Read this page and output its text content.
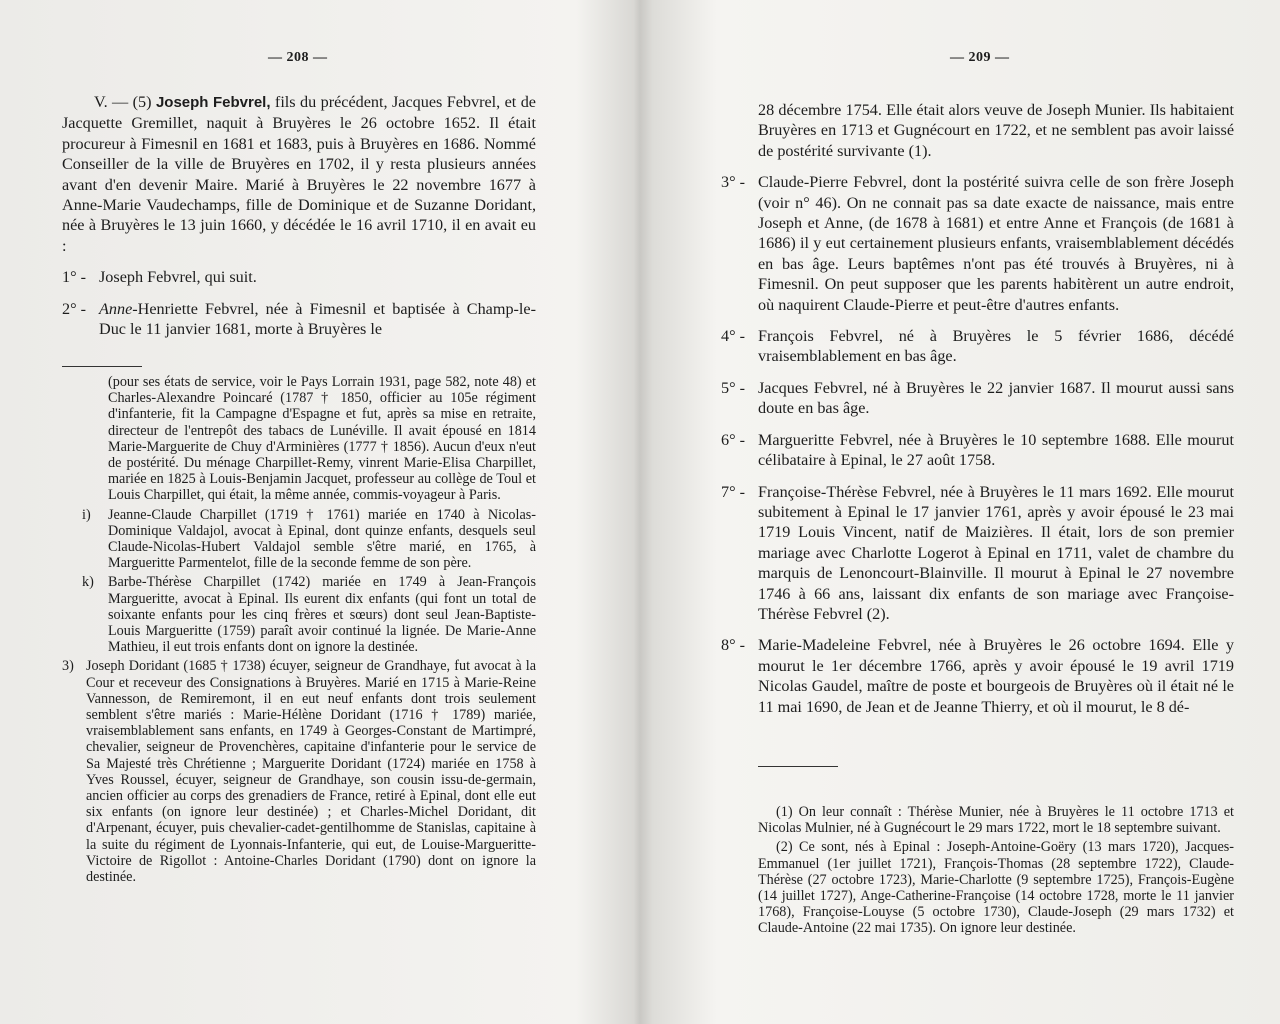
— 208 —

V. — (5) Joseph Febvrel, fils du précédent, Jacques Febvrel, et de Jacquette Gremillet, naquit à Bruyères le 26 octobre 1652. Il était procureur à Fimesnil en 1681 et 1683, puis à Bruyères en 1686. Nommé Conseiller de la ville de Bruyères en 1702, il y resta plusieurs années avant d'en devenir Maire. Marié à Bruyères le 22 novembre 1677 à Anne-Marie Vaudechamps, fille de Dominique et de Suzanne Doridant, née à Bruyères le 13 juin 1660, y décédée le 16 avril 1710, il en avait eu :

1° - Joseph Febvrel, qui suit.

2° - Anne-Henriette Febvrel, née à Fimesnil et baptisée à Champ-le-Duc le 11 janvier 1681, morte à Bruyères le

(pour ses états de service, voir le Pays Lorrain 1931, page 582, note 48) et Charles-Alexandre Poincaré (1787 † 1850, officier au 105e régiment d'infanterie, fit la Campagne d'Espagne et fut, après sa mise en retraite, directeur de l'entrepôt des tabacs de Lunéville. Il avait épousé en 1814 Marie-Marguerite de Chuy d'Arminières (1777 † 1856). Aucun d'eux n'eut de postérité. Du ménage Charpillet-Remy, vinrent Marie-Elisa Charpillet, mariée en 1825 à Louis-Benjamin Jacquet, professeur au collège de Toul et Louis Charpillet, qui était, la même année, commis-voyageur à Paris.

i) Jeanne-Claude Charpillet (1719 † 1761) mariée en 1740 à Nicolas-Dominique Valdajol, avocat à Epinal, dont quinze enfants, desquels seul Claude-Nicolas-Hubert Valdajol semble s'être marié, en 1765, à Margueritte Parmentelot, fille de la seconde femme de son père.

k) Barbe-Thérèse Charpillet (1742) mariée en 1749 à Jean-François Margueritte, avocat à Epinal. Ils eurent dix enfants (qui font un total de soixante enfants pour les cinq frères et sœurs) dont seul Jean-Baptiste-Louis Margueritte (1759) paraît avoir continué la lignée. De Marie-Anne Mathieu, il eut trois enfants dont on ignore la destinée.

3) Joseph Doridant (1685 † 1738) écuyer, seigneur de Grandhaye, fut avocat à la Cour et receveur des Consignations à Bruyères. Marié en 1715 à Marie-Reine Vannesson, de Remiremont, il en eut neuf enfants dont trois seulement semblent s'être mariés : Marie-Hélène Doridant (1716 † 1789) mariée, vraisemblablement sans enfants, en 1749 à Georges-Constant de Martimpré, chevalier, seigneur de Provenchères, capitaine d'infanterie pour le service de Sa Majesté très Chrétienne ; Marguerite Doridant (1724) mariée en 1758 à Yves Roussel, écuyer, seigneur de Grandhaye, son cousin issu-de-germain, ancien officier au corps des grenadiers de France, retiré à Epinal, dont elle eut six enfants (on ignore leur destinée) ; et Charles-Michel Doridant, dit d'Arpenant, écuyer, puis chevalier-cadet-gentilhomme de Stanislas, capitaine à la suite du régiment de Lyonnais-Infanterie, qui eut, de Louise-Margueritte-Victoire de Rigollot : Antoine-Charles Doridant (1790) dont on ignore la destinée.

— 209 —

28 décembre 1754. Elle était alors veuve de Joseph Munier. Ils habitaient Bruyères en 1713 et Gugnécourt en 1722, et ne semblent pas avoir laissé de postérité survivante (1).

3° - Claude-Pierre Febvrel, dont la postérité suivra celle de son frère Joseph (voir n° 46). On ne connait pas sa date exacte de naissance, mais entre Joseph et Anne, (de 1678 à 1681) et entre Anne et François (de 1681 à 1686) il y eut certainement plusieurs enfants, vraisemblablement décédés en bas âge. Leurs baptêmes n'ont pas été trouvés à Bruyères, ni à Fimesnil. On peut supposer que les parents habitèrent un autre endroit, où naquirent Claude-Pierre et peut-être d'autres enfants.

4° - François Febvrel, né à Bruyères le 5 février 1686, décédé vraisemblablement en bas âge.

5° - Jacques Febvrel, né à Bruyères le 22 janvier 1687. Il mourut aussi sans doute en bas âge.

6° - Margueritte Febvrel, née à Bruyères le 10 septembre 1688. Elle mourut célibataire à Epinal, le 27 août 1758.

7° - Françoise-Thérèse Febvrel, née à Bruyères le 11 mars 1692. Elle mourut subitement à Epinal le 17 janvier 1761, après y avoir épousé le 23 mai 1719 Louis Vincent, natif de Maizières. Il était, lors de son premier mariage avec Charlotte Logerot à Epinal en 1711, valet de chambre du marquis de Lenoncourt-Blainville. Il mourut à Epinal le 27 novembre 1746 à 66 ans, laissant dix enfants de son mariage avec Françoise-Thérèse Febvrel (2).

8° - Marie-Madeleine Febvrel, née à Bruyères le 26 octobre 1694. Elle y mourut le 1er décembre 1766, après y avoir épousé le 19 avril 1719 Nicolas Gaudel, maître de poste et bourgeois de Bruyères où il était né le 11 mai 1690, de Jean et de Jeanne Thierry, et où il mourut, le 8 dé-

(1) On leur connaît : Thérèse Munier, née à Bruyères le 11 octobre 1713 et Nicolas Mulnier, né à Gugnécourt le 29 mars 1722, mort le 18 septembre suivant.

(2) Ce sont, nés à Epinal : Joseph-Antoine-Goëry (13 mars 1720), Jacques-Emmanuel (1er juillet 1721), François-Thomas (28 septembre 1722), Claude-Thérèse (27 octobre 1723), Marie-Charlotte (9 septembre 1725), François-Eugène (14 juillet 1727), Ange-Catherine-Françoise (14 octobre 1728, morte le 11 janvier 1768), Françoise-Louyse (5 octobre 1730), Claude-Joseph (29 mars 1732) et Claude-Antoine (22 mai 1735). On ignore leur destinée.
